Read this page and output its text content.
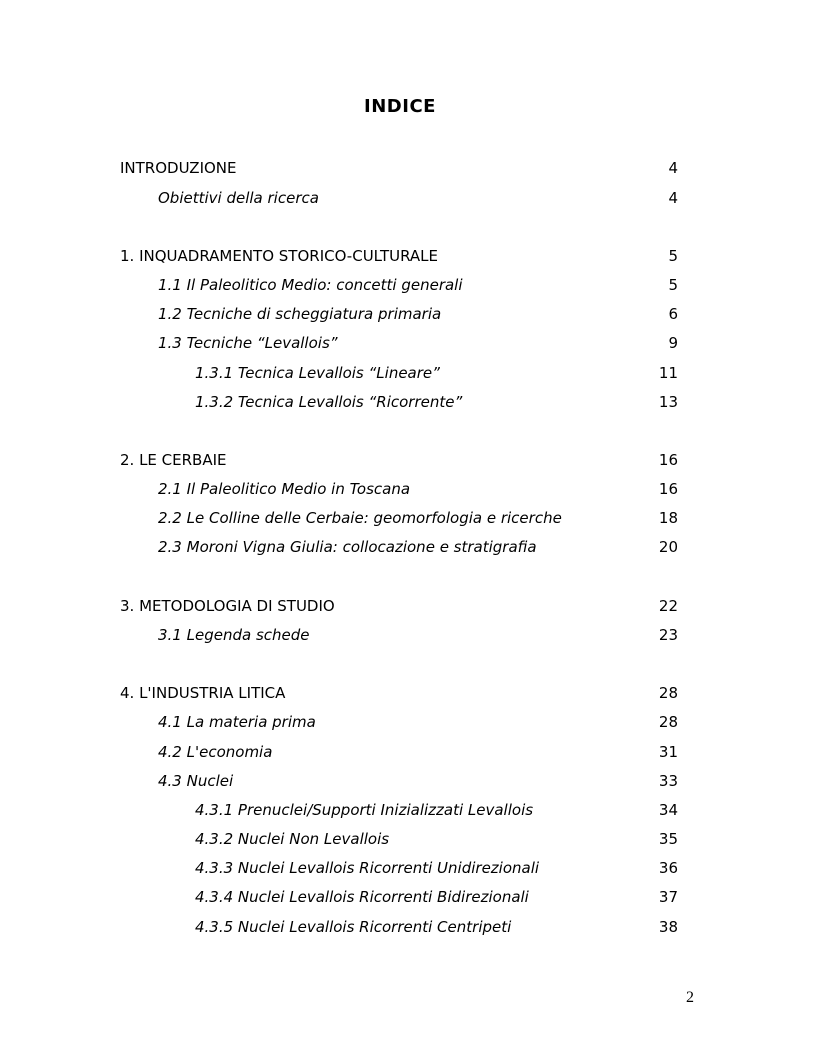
INDICE
INTRODUZIONE	4
Obiettivi della ricerca	4
1. INQUADRAMENTO STORICO-CULTURALE	5
1.1 Il Paleolitico Medio: concetti generali	5
1.2 Tecniche di scheggiatura primaria	6
1.3 Tecniche “Levallois”	9
1.3.1 Tecnica Levallois “Lineare”	11
1.3.2 Tecnica Levallois “Ricorrente”	13
2. LE CERBAIE	16
2.1 Il Paleolitico Medio in Toscana	16
2.2 Le Colline delle Cerbaie: geomorfologia e ricerche	18
2.3 Moroni Vigna Giulia: collocazione e stratigrafia	20
3. METODOLOGIA DI STUDIO	22
3.1 Legenda schede	23
4. L'INDUSTRIA LITICA	28
4.1 La materia prima	28
4.2 L'economia	31
4.3 Nuclei	33
4.3.1 Prenuclei/Supporti Inizializzati Levallois	34
4.3.2 Nuclei Non Levallois	35
4.3.3 Nuclei Levallois Ricorrenti Unidirezionali	36
4.3.4 Nuclei Levallois Ricorrenti Bidirezionali	37
4.3.5 Nuclei Levallois Ricorrenti Centripeti	38
2
